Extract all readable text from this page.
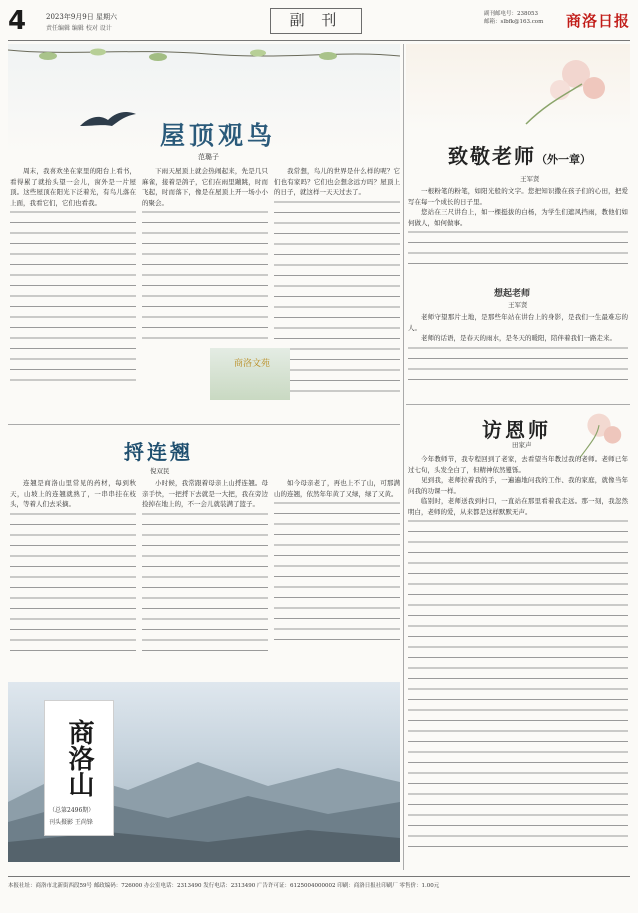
4	2023年9月9日 星期六
责任编辑 编辑 校对 设计	副 刊	副刊邮电号：238053
邮箱：slbfk@163.com 商洛日报
屋顶观鸟
范璐子

周末，我喜欢坐在家里的阳台上看书，看得累了就抬头望一会儿，窗外是一片屋顶。这些屋顶在阳光下泛着光，有鸟儿落在上面，我看它们，它们也看我。

下雨天屋顶上就会热闹起来，先是几只麻雀，接着是鸽子，它们在雨里蹦跳，时而飞起，时而落下，像是在屋顶上开一场小小的聚会。

我常想，鸟儿的世界是什么样的呢？它们也有家吗？它们也会想念远方吗？屋顶上的日子，就这样一天天过去了。

商洛文苑
捋连翘
倪双民

连翘是商洛山里常见的药材，每到秋天，山坡上的连翘就熟了，一串串挂在枝头，等着人们去采摘。

小时候，我常跟着母亲上山捋连翘。母亲手快，一把捋下去就是一大把，我在旁边捡掉在地上的，不一会儿就装满了篮子。

如今母亲老了，再也上不了山，可那满山的连翘，依然年年黄了又绿，绿了又黄。

商洛山
（总第2496期）
刊头摄影 王尚锋
致敬老师（外一章）
王军贤

一根粉笔的粉笔，如阳光般的文字。您把知识撒在孩子们的心田，把爱写在每一个成长的日子里。

您站在三尺讲台上，如一棵挺拔的白杨，为学生们遮风挡雨，教他们如何做人，如何做事。

想起老师
王军贤

老师守望那片土地，是那些年站在讲台上的身影，是我们一生最难忘的人。

老师的话语，是春天的雨水，是冬天的暖阳，陪伴着我们一路走来。

访恩师
田家声

今年教师节，我专程回到了老家，去看望当年教过我的老师。老师已年过七旬，头发全白了，但精神依然矍铄。

见到我，老师拉着我的手，一遍遍地问我的工作、我的家庭，就像当年问我的功课一样。

临别时，老师送我到村口，一直站在那里看着我走远。那一刻，我忽然明白，老师的爱，从来都是这样默默无声。

本报社址：商洛市北新街西段59号 邮政编码：726000 办公室电话：2313490 发行电话：2313490 广告许可证：6125004000002 印刷：商洛日报社印刷厂 零售价：1.00元
